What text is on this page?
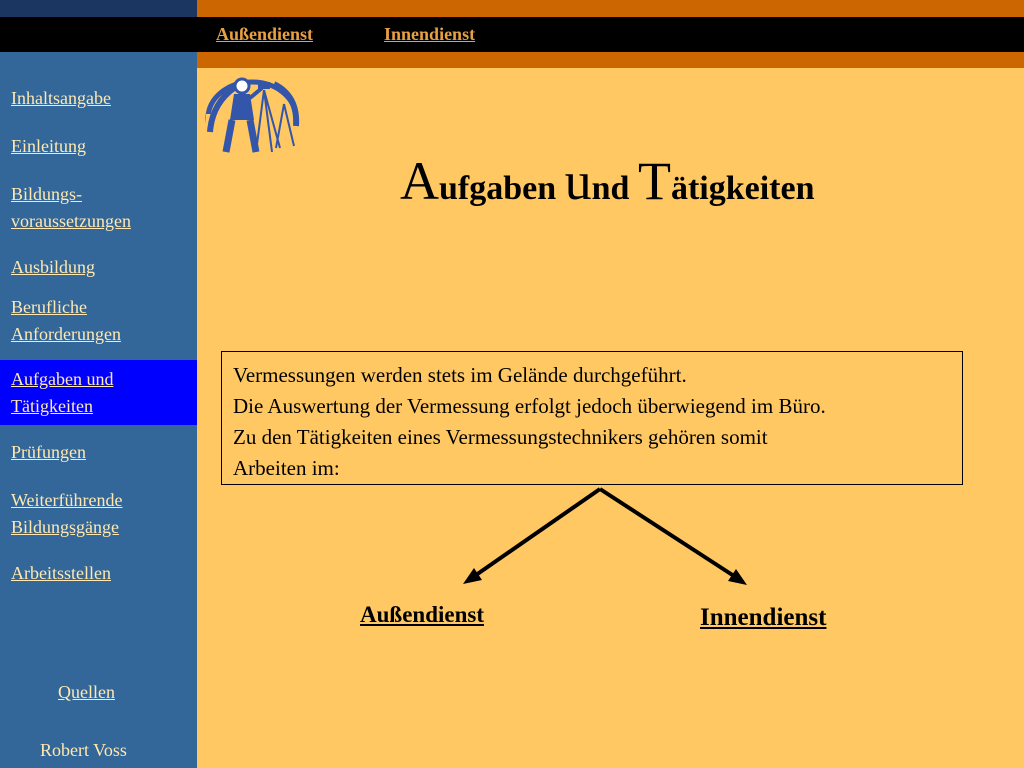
Außendienst	Innendienst
Inhaltsangabe
Einleitung
Bildungs-
voraussetzungen
Ausbildung
Berufliche
Anforderungen
Aufgaben und
Tätigkeiten
Prüfungen
Weiterführende
Bildungsgänge
Arbeitsstellen
Quellen
Robert Voss
Aufgaben und Tätigkeiten
Vermessungen werden stets im Gelände durchgeführt.
Die Auswertung der Vermessung erfolgt jedoch überwiegend im Büro.
Zu den Tätigkeiten eines Vermessungstechnikers gehören somit
Arbeiten im:
Außendienst	Innendienst
